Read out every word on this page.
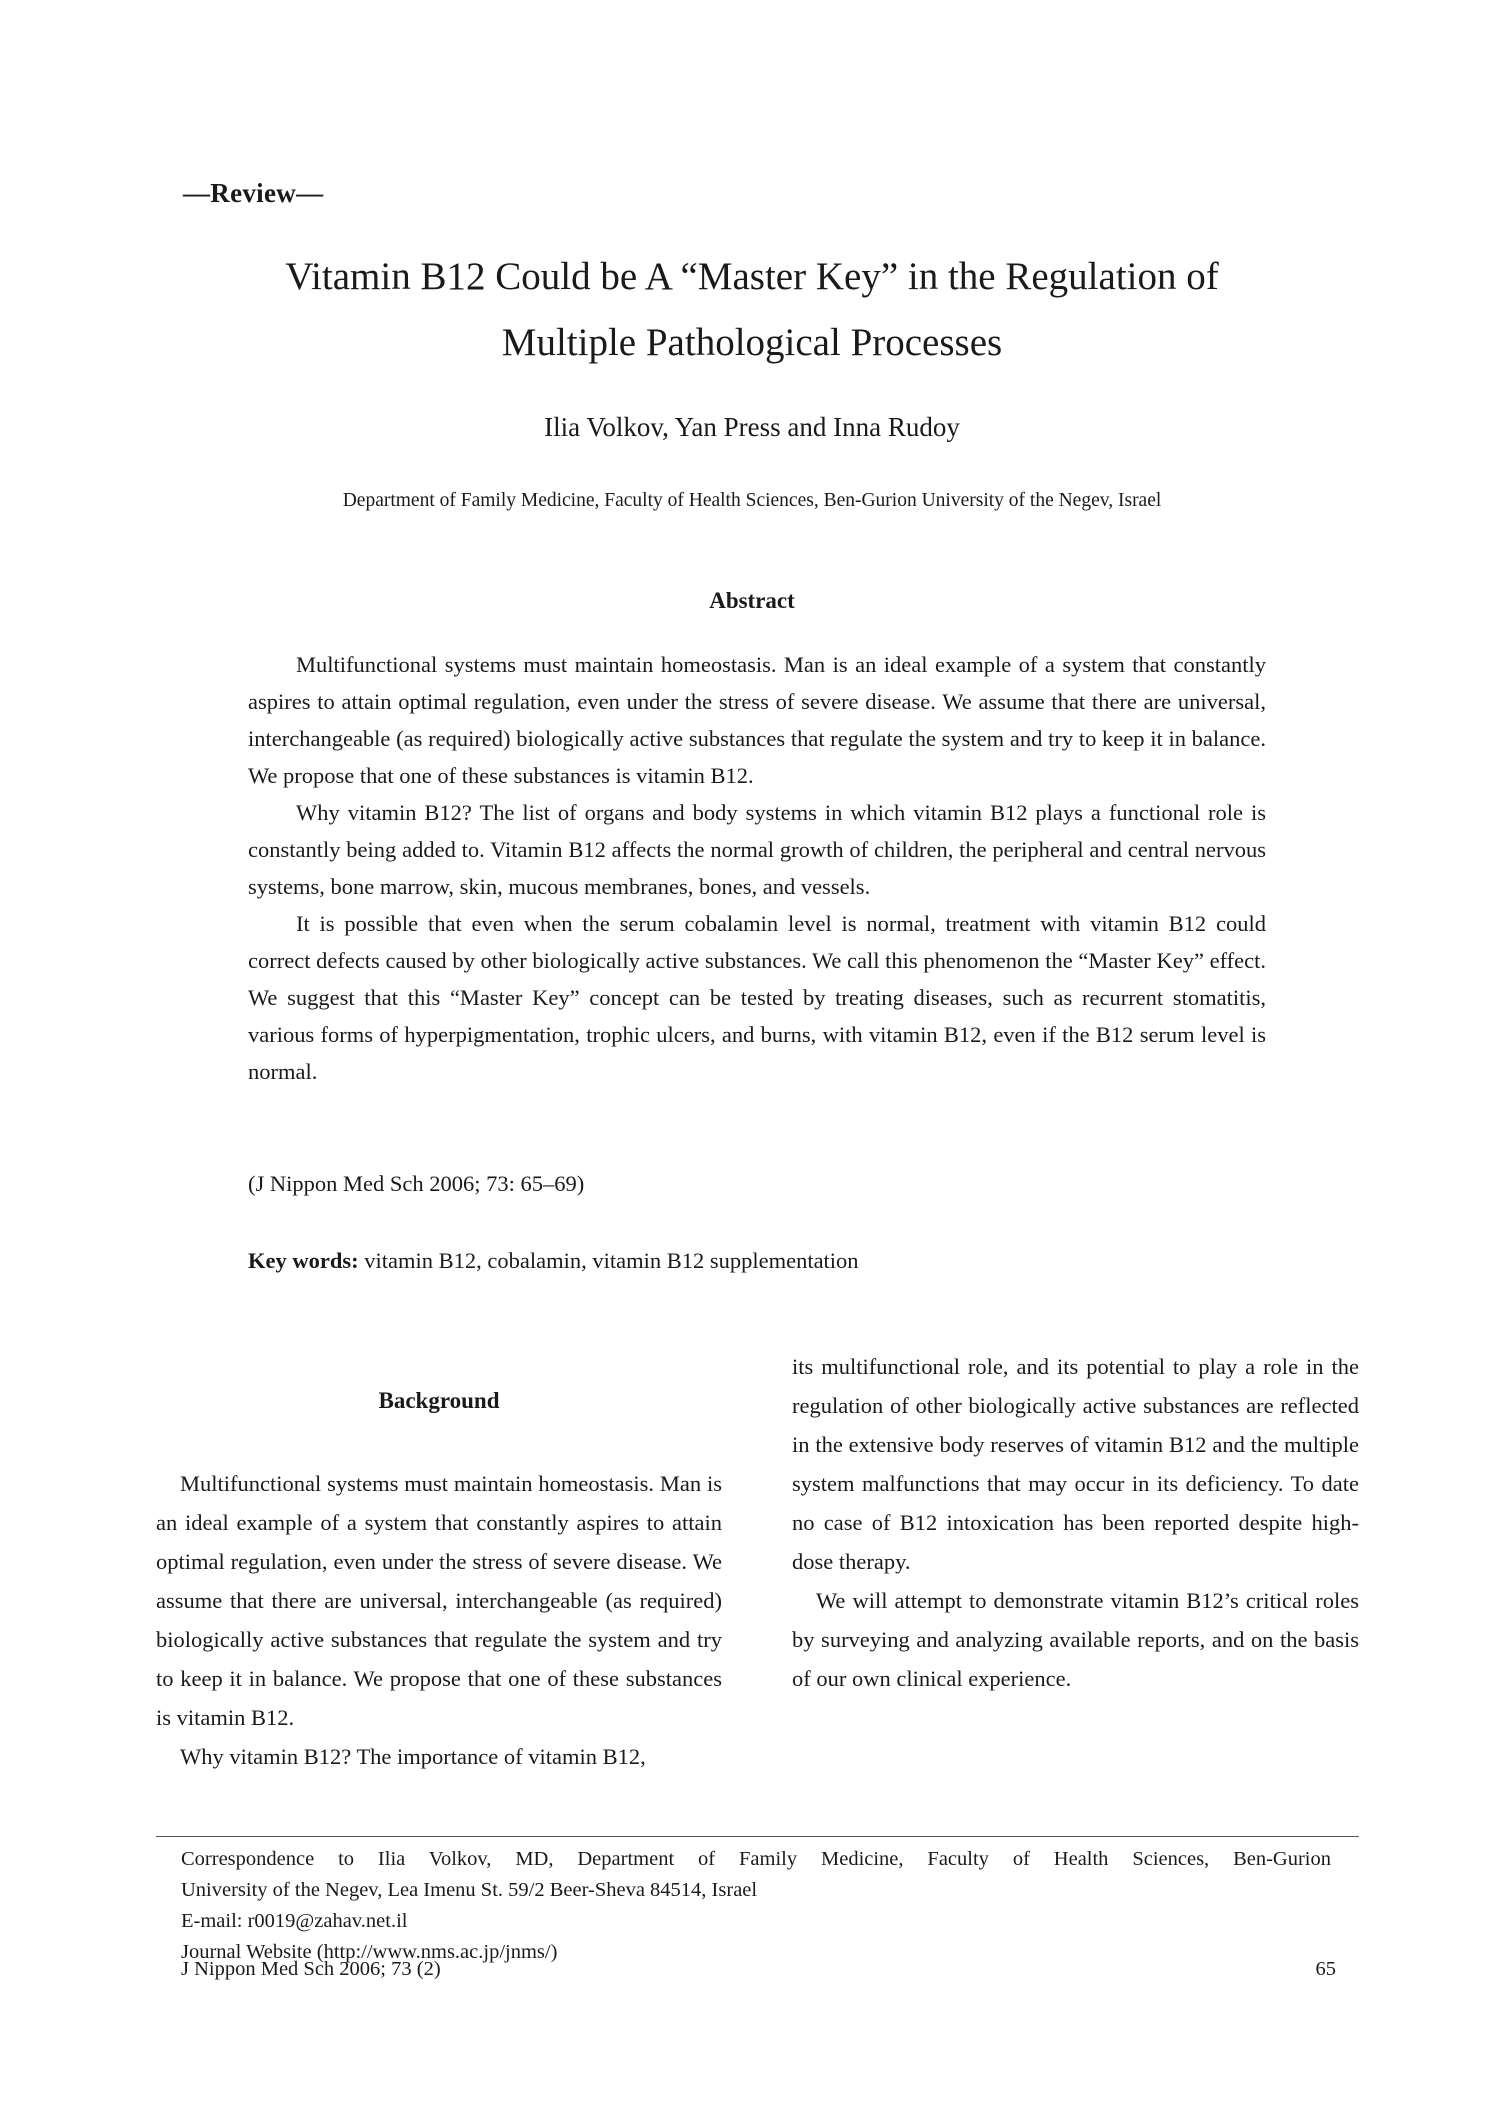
—Review—
Vitamin B12 Could be A “Master Key” in the Regulation of
Multiple Pathological Processes
Ilia Volkov, Yan Press and Inna Rudoy
Department of Family Medicine, Faculty of Health Sciences, Ben-Gurion University of the Negev, Israel
Abstract

Multifunctional systems must maintain homeostasis. Man is an ideal example of a system that constantly aspires to attain optimal regulation, even under the stress of severe disease. We assume that there are universal, interchangeable (as required) biologically active substances that regulate the system and try to keep it in balance. We propose that one of these substances is vitamin B12.

Why vitamin B12? The list of organs and body systems in which vitamin B12 plays a functional role is constantly being added to. Vitamin B12 affects the normal growth of children, the peripheral and central nervous systems, bone marrow, skin, mucous membranes, bones, and vessels.

It is possible that even when the serum cobalamin level is normal, treatment with vitamin B12 could correct defects caused by other biologically active substances. We call this phenomenon the “Master Key” effect. We suggest that this “Master Key” concept can be tested by treating diseases, such as recurrent stomatitis, various forms of hyperpigmentation, trophic ulcers, and burns, with vitamin B12, even if the B12 serum level is normal.

(J Nippon Med Sch 2006; 73: 65–69)
Key words: vitamin B12, cobalamin, vitamin B12 supplementation
Background

Multifunctional systems must maintain homeostasis. Man is an ideal example of a system that constantly aspires to attain optimal regulation, even under the stress of severe disease. We assume that there are universal, interchangeable (as required) biologically active substances that regulate the system and try to keep it in balance. We propose that one of these substances is vitamin B12.

Why vitamin B12? The importance of vitamin B12,

its multifunctional role, and its potential to play a role in the regulation of other biologically active substances are reflected in the extensive body reserves of vitamin B12 and the multiple system malfunctions that may occur in its deficiency. To date no case of B12 intoxication has been reported despite high-dose therapy.

We will attempt to demonstrate vitamin B12’s critical roles by surveying and analyzing available reports, and on the basis of our own clinical experience.

Correspondence to Ilia Volkov, MD, Department of Family Medicine, Faculty of Health Sciences, Ben-Gurion
University of the Negev, Lea Imenu St. 59/2 Beer-Sheva 84514, Israel
E-mail: r0019@zahav.net.il
Journal Website (http://www.nms.ac.jp/jnms/)
J Nippon Med Sch 2006; 73 (2)	65
